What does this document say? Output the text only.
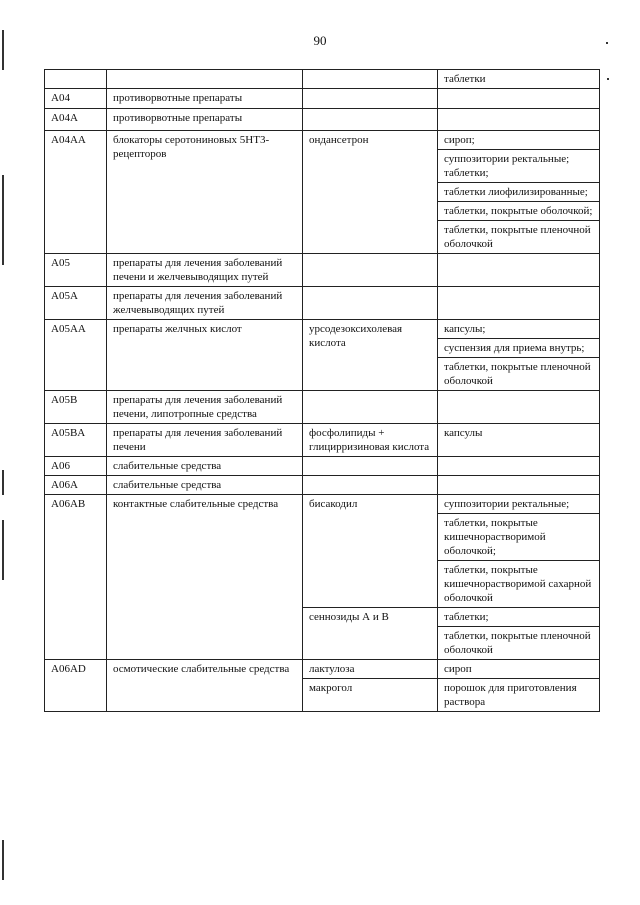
90
			таблетки
A04	противорвотные препараты		
A04A	противорвотные препараты		
A04AA	блокаторы серотониновых 5НТ3-рецепторов	ондансетрон	сироп;
			суппозитории ректальные; таблетки;
			таблетки лиофилизированные;
			таблетки, покрытые оболочкой;
			таблетки, покрытые пленочной оболочкой
A05	препараты для лечения заболеваний печени и желчевыводящих путей		
A05A	препараты для лечения заболеваний желчевыводящих путей		
A05AA	препараты желчных кислот	урсодезоксихолевая кислота	капсулы;
			суспензия для приема внутрь;
			таблетки, покрытые пленочной оболочкой
A05B	препараты для лечения заболеваний печени, липотропные средства		
A05BA	препараты для лечения заболеваний печени	фосфолипиды + глицирризиновая кислота	капсулы
A06	слабительные средства		
A06A	слабительные средства		
A06AB	контактные слабительные средства	бисакодил	суппозитории ректальные;
			таблетки, покрытые кишечнорастворимой оболочкой;
			таблетки, покрытые кишечнорастворимой сахарной оболочкой
		сеннозиды А и В	таблетки;
			таблетки, покрытые пленочной оболочкой
A06AD	осмотические слабительные средства	лактулоза	сироп
		макрогол	порошок для приготовления раствора
